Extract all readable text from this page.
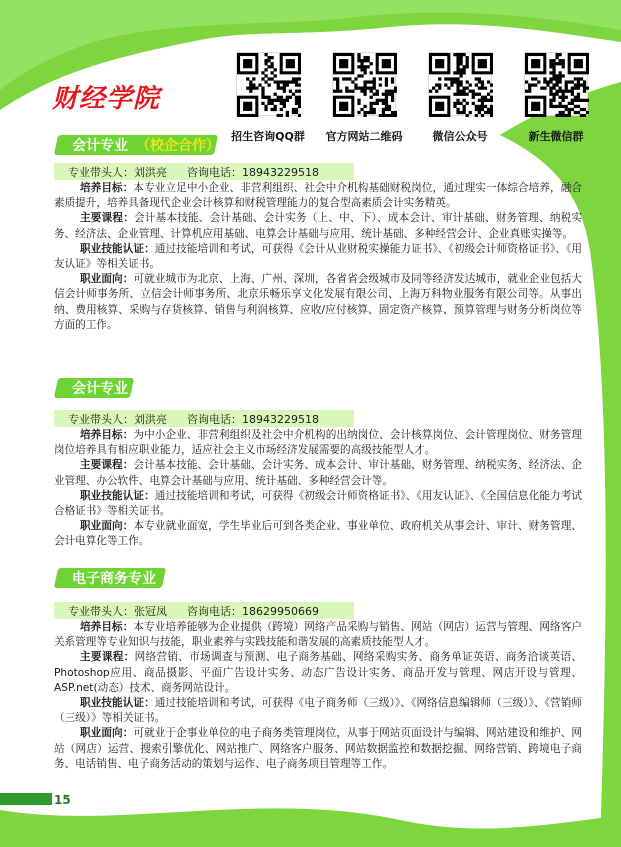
财经学院
招生咨询QQ群 官方网站二维码	微信公众号	新生微信群
会计专业 （校企合作）
专业带头人：刘洪亮 咨询电话：18943229518

培养目标：本专业立足中小企业、非营利组织、社会中介机构基础财税岗位，通过理实一体综合培养，融合素质提升，培养具备现代企业会计核算和财税管理能力的复合型高素质会计实务精英。

主要课程：会计基本技能、会计基础、会计实务（上、中、下）、成本会计、审计基础、财务管理、纳税实务、经济法、企业管理、计算机应用基础、电算会计基础与应用、统计基础、多种经营会计、企业真账实操等。

职业技能认证：通过技能培训和考试，可获得《会计从业财税实操能力证书》、《初级会计师资格证书》、《用友认证》等相关证书。

职业面向：可就业城市为北京、上海、广州、深圳，各省省会级城市及同等经济发达城市，就业企业包括大信会计师事务所、立信会计师事务所、北京乐畅乐享文化发展有限公司、上海万科物业服务有限公司等。从事出纳、费用核算、采购与存货核算、销售与利润核算、应收/应付核算、固定资产核算、预算管理与财务分析岗位等方面的工作。

会计专业
专业带头人：刘洪亮 咨询电话：18943229518

培养目标：为中小企业、非营利组织及社会中介机构的出纳岗位、会计核算岗位、会计管理岗位、财务管理岗位培养具有相应职业能力，适应社会主义市场经济发展需要的高级技能型人才。

主要课程：会计基本技能、会计基础、会计实务、成本会计、审计基础、财务管理、纳税实务、经济法、企业管理、办公软件、电算会计基础与应用、统计基础、多种经营会计等。

职业技能认证：通过技能培训和考试，可获得《初级会计师资格证书》、《用友认证》、《全国信息化能力考试合格证书》等相关证书。

职业面向：本专业就业面宽，学生毕业后可到各类企业、事业单位、政府机关从事会计、审计、财务管理、会计电算化等工作。

电子商务专业
专业带头人：张冠凤 咨询电话：18629950669

培养目标：本专业培养能够为企业提供（跨境）网络产品采购与销售、网站（网店）运营与管理、网络客户关系管理等专业知识与技能，职业素养与实践技能和谐发展的高素质技能型人才。

主要课程：网络营销、市场调查与预测、电子商务基础、网络采购实务、商务单证英语、商务洽谈英语、Photoshop应用、商品摄影、平面广告设计实务、动态广告设计实务、商品开发与管理、网店开设与管理、ASP.net(动态）技术、商务网站设计。

职业技能认证：通过技能培训和考试，可获得《电子商务师（三级）》、《网络信息编辑师（三级）》、《营销师（三级）》等相关证书。

职业面向：可就业于企事业单位的电子商务类管理岗位，从事于网站页面设计与编辑、网站建设和维护、网站（网店）运营、搜索引擎优化、网站推广、网络客户服务、网站数据监控和数据挖掘、网络营销、跨境电子商务、电话销售、电子商务活动的策划与运作、电子商务项目管理等工作。

15
